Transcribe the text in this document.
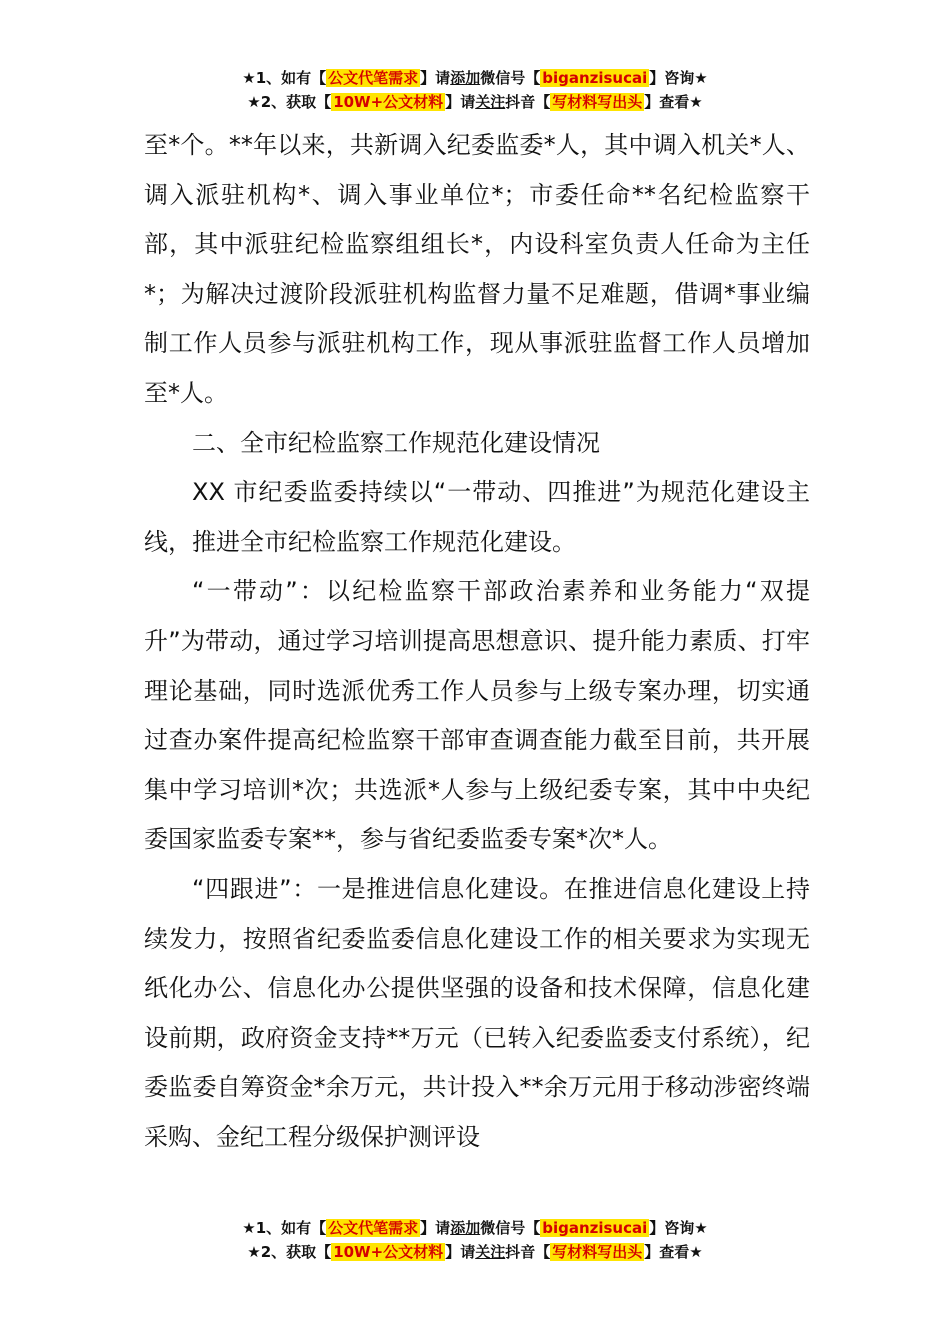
★1、如有【 公文代笔需求 】请添加微信号【 biganzisucai 】咨询★
★2、获取【 10W+公文材料 】请关注抖音【 写材料写出头 】查看★

至*个。**年以来，共新调入纪委监委*人，其中调入机关*人、调入派驻机构*、调入事业单位*；市委任命**名纪检监察干部，其中派驻纪检监察组组长*，内设科室负责人任命为主任*；为解决过渡阶段派驻机构监督力量不足难题，借调*事业编制工作人员参与派驻机构工作，现从事派驻监督工作人员增加至*人。

二、全市纪检监察工作规范化建设情况

XX 市纪委监委持续以“一带动、四推进”为规范化建设主线，推进全市纪检监察工作规范化建设。

“一带动”：以纪检监察干部政治素养和业务能力“双提升”为带动，通过学习培训提高思想意识、提升能力素质、打牢理论基础，同时选派优秀工作人员参与上级专案办理，切实通过查办案件提高纪检监察干部审查调查能力截至目前，共开展集中学习培训*次；共选派*人参与上级纪委专案，其中中央纪委国家监委专案**，参与省纪委监委专案*次*人。

“四跟进”：一是推进信息化建设。在推进信息化建设上持续发力，按照省纪委监委信息化建设工作的相关要求为实现无纸化办公、信息化办公提供坚强的设备和技术保障，信息化建设前期，政府资金支持**万元（已转入纪委监委支付系统），纪委监委自筹资金*余万元，共计投入**余万元用于移动涉密终端采购、金纪工程分级保护测评设

★1、如有【 公文代笔需求 】请添加微信号【 biganzisucai 】咨询★
★2、获取【 10W+公文材料 】请关注抖音【 写材料写出头 】查看★
